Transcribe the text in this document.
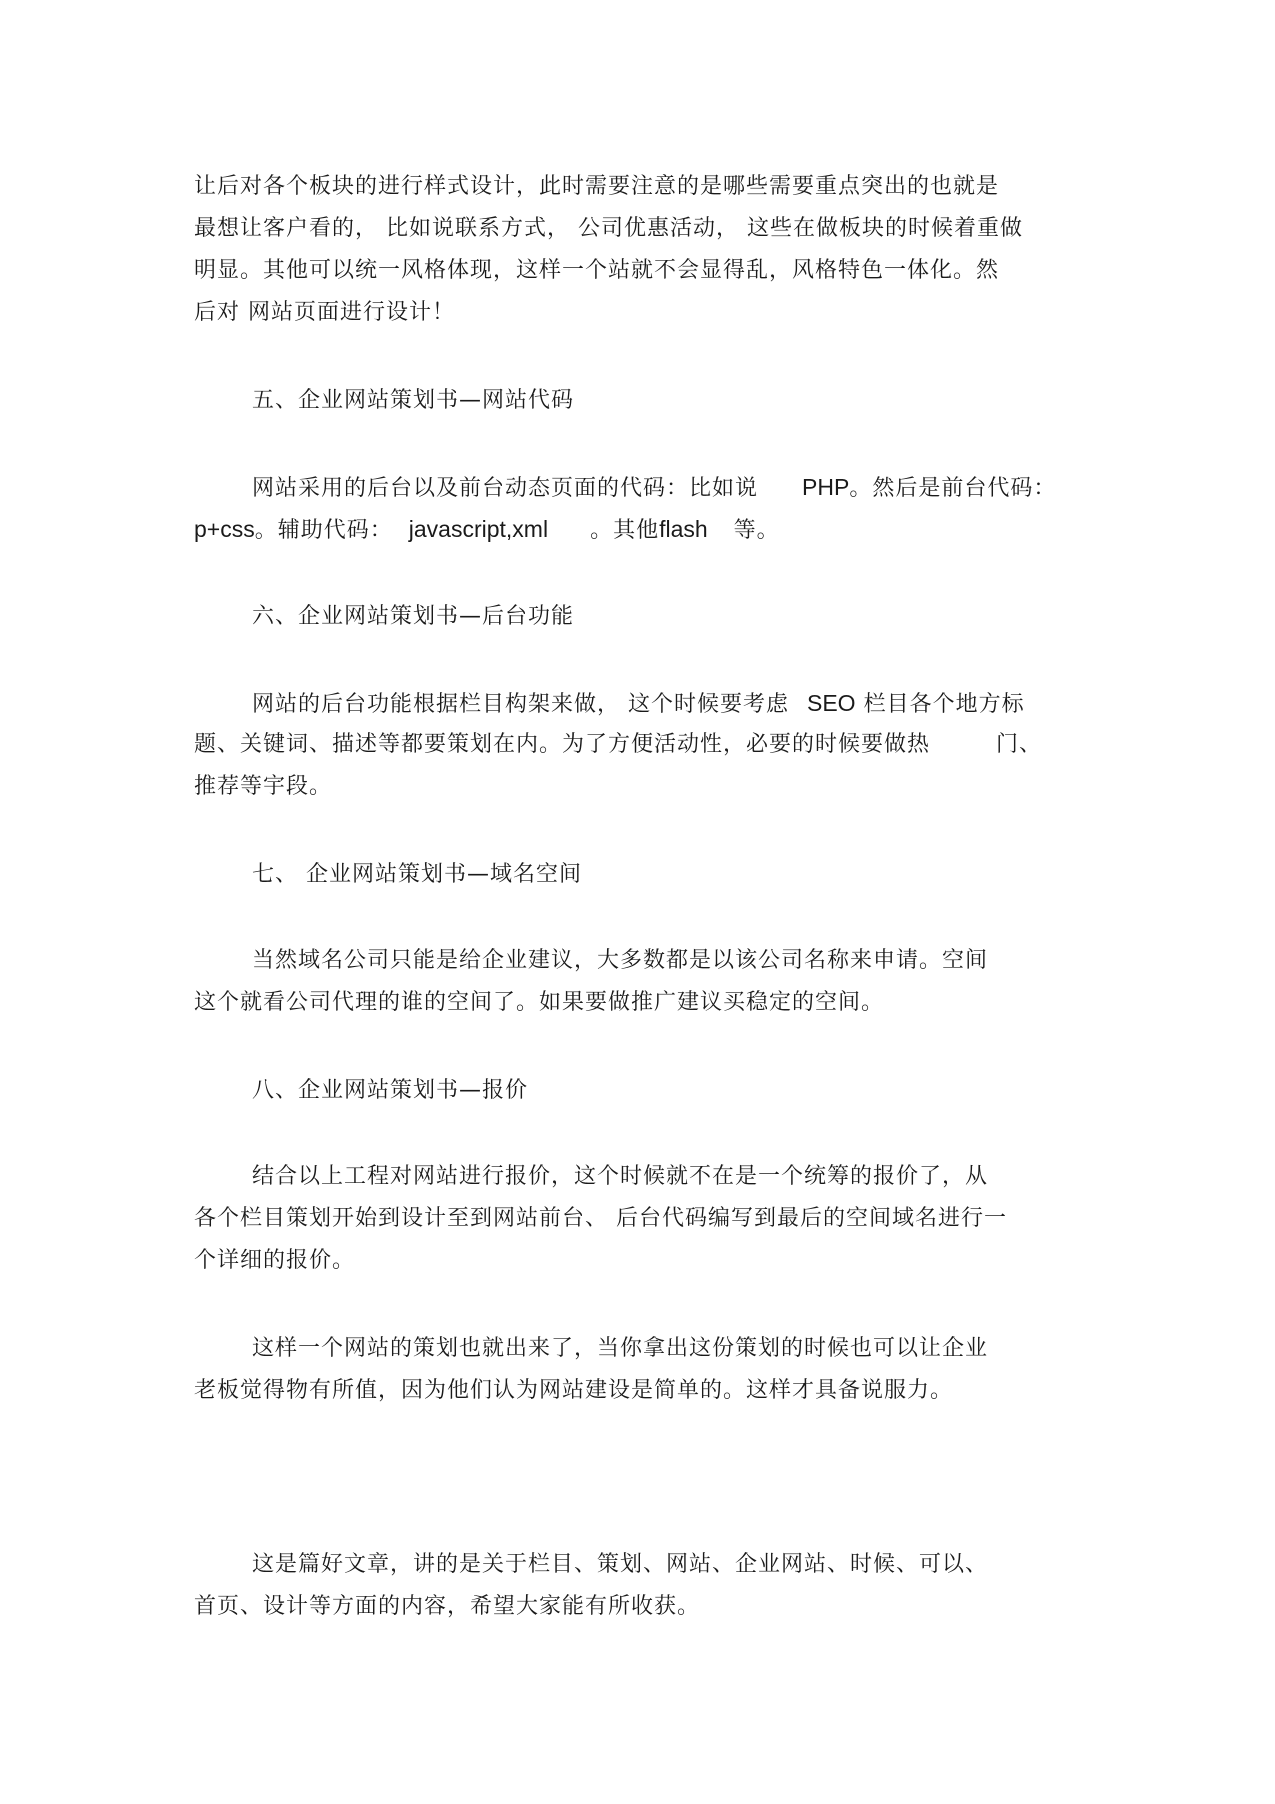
让后对各个板块的进行样式设计，此时需要注意的是哪些需要重点突出的也就是
最想让客户看的， 比如说联系方式， 公司优惠活动， 这些在做板块的时候着重做
明显。其他可以统一风格体现，这样一个站就不会显得乱，风格特色一体化。然
后对 网站页面进行设计！
五、企业网站策划书—网站代码
网站采用的后台以及前台动态页面的代码：比如说 PHP。然后是前台代码：
p+css。辅助代码： javascript,xml 。其他flash 等。
六、企业网站策划书—后台功能
网站的后台功能根据栏目构架来做， 这个时候要考虑 SEO 栏目各个地方标
题、关键词、描述等都要策划在内。为了方便活动性，必要的时候要做热	门、
推荐等宇段。
七、 企业网站策划书—域名空间
当然域名公司只能是给企业建议，大多数都是以该公司名称来申请。空间
这个就看公司代理的谁的空间了。如果要做推广建议买稳定的空间。
八、企业网站策划书—报价
结合以上工程对网站进行报价，这个时候就不在是一个统筹的报价了，从
各个栏目策划开始到设计至到网站前台、 后台代码编写到最后的空间域名进行一
个详细的报价。
这样一个网站的策划也就出来了，当你拿出这份策划的时候也可以让企业
老板觉得物有所值，因为他们认为网站建设是简单的。这样才具备说服力。
这是篇好文章，讲的是关于栏目、策划、网站、企业网站、时候、可以、
首页、设计等方面的内容，希望大家能有所收获。
